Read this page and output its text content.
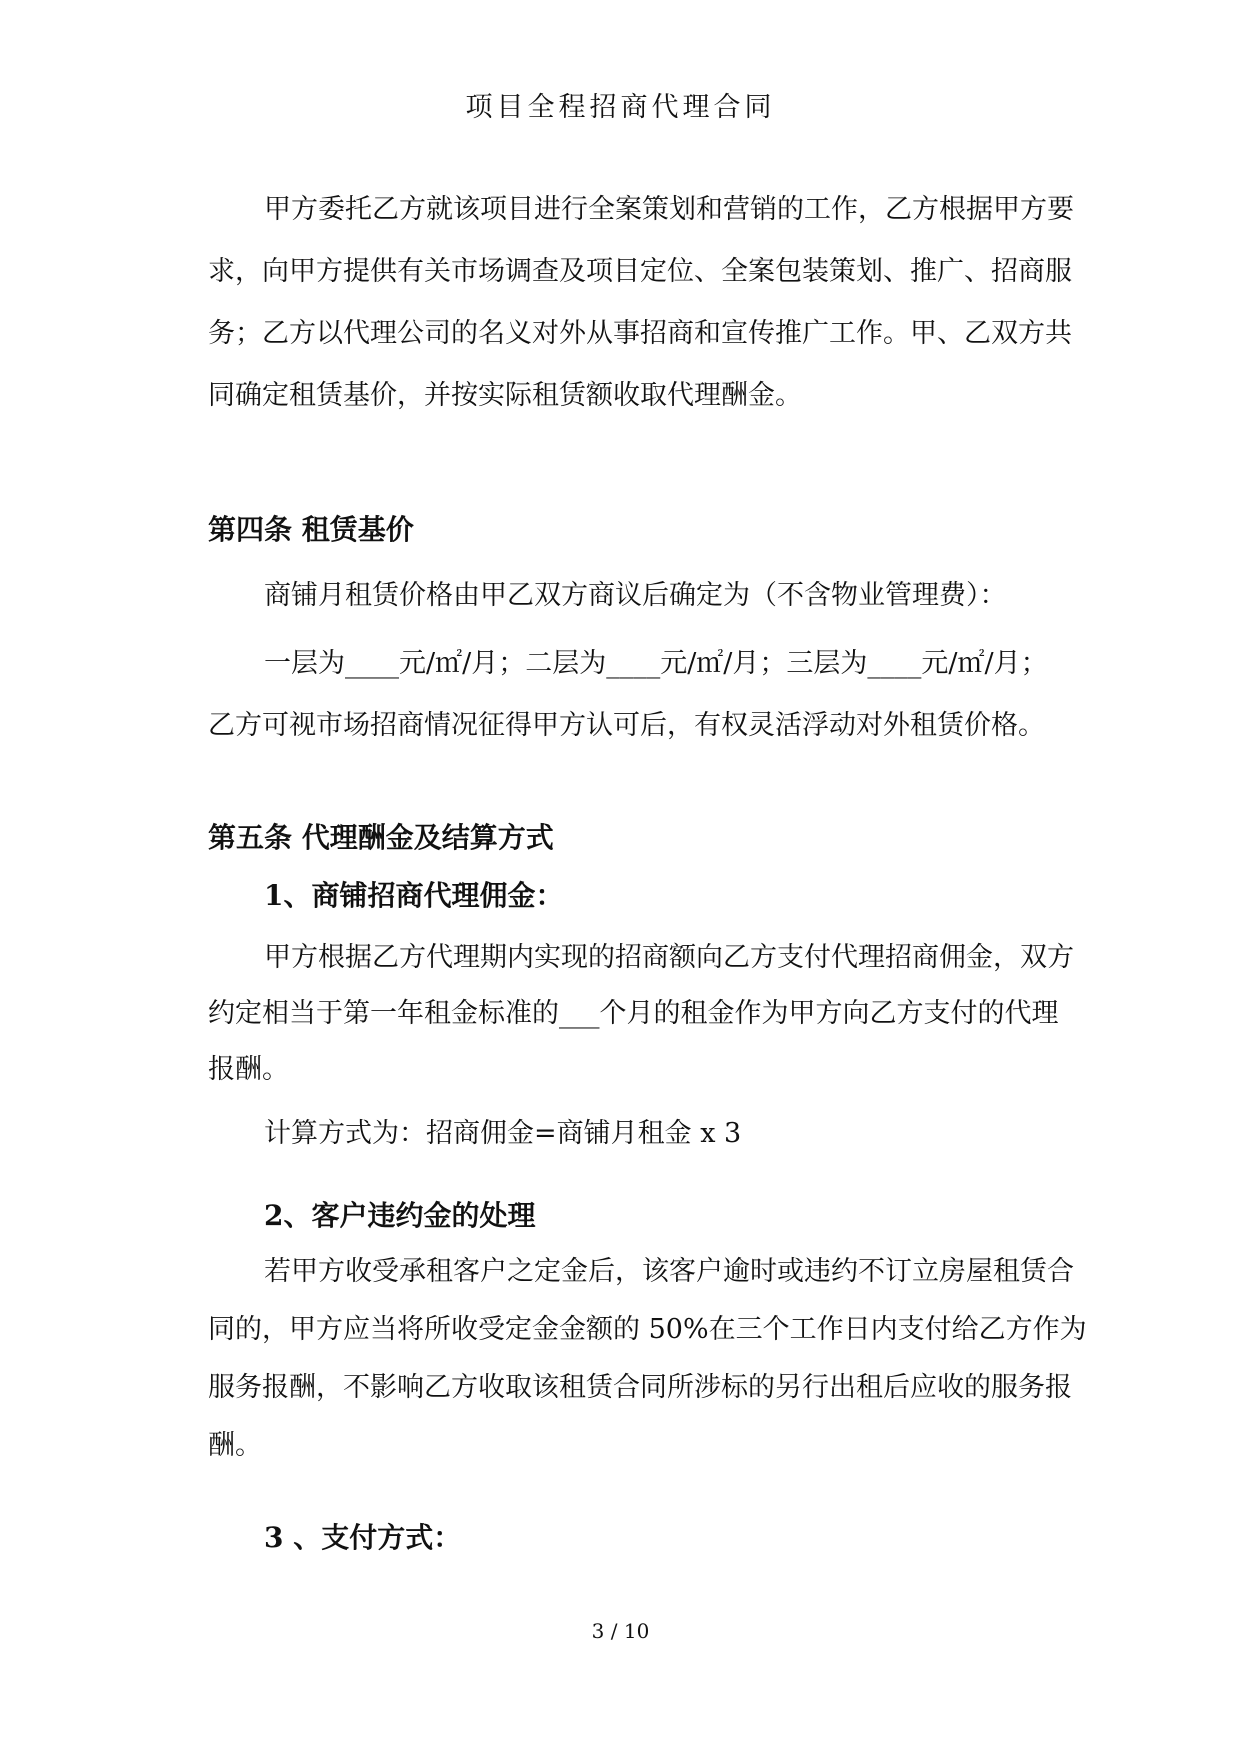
项目全程招商代理合同
甲方委托乙方就该项目进行全案策划和营销的工作，乙方根据甲方要
求，向甲方提供有关市场调查及项目定位、全案包装策划、推广、招商服
务；乙方以代理公司的名义对外从事招商和宣传推广工作。甲、乙双方共
同确定租赁基价，并按实际租赁额收取代理酬金。
第四条 租赁基价
商铺月租赁价格由甲乙双方商议后确定为（不含物业管理费）：
一层为____元/㎡/月；二层为____元/㎡/月；三层为____元/㎡/月；
乙方可视市场招商情况征得甲方认可后，有权灵活浮动对外租赁价格。
第五条 代理酬金及结算方式
1、商铺招商代理佣金：
甲方根据乙方代理期内实现的招商额向乙方支付代理招商佣金，双方
约定相当于第一年租金标准的___个月的租金作为甲方向乙方支付的代理
报酬。
计算方式为：招商佣金=商铺月租金 x 3
2、客户违约金的处理
若甲方收受承租客户之定金后，该客户逾时或违约不订立房屋租赁合
同的，甲方应当将所收受定金金额的 50%在三个工作日内支付给乙方作为
服务报酬，不影响乙方收取该租赁合同所涉标的另行出租后应收的服务报
酬。
3 、支付方式：
3 / 10
